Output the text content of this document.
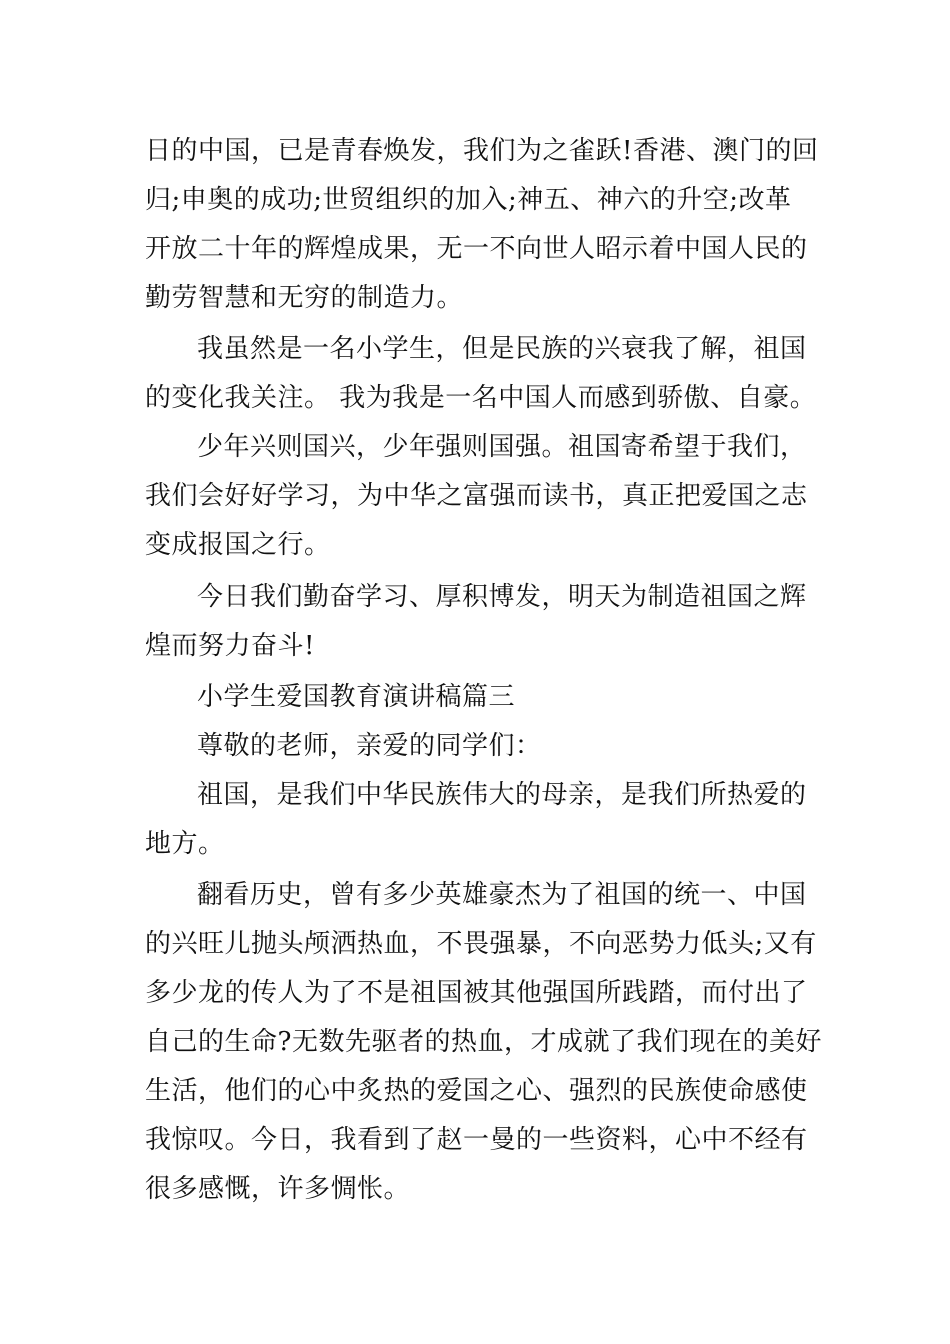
日的中国，已是青春焕发，我们为之雀跃!香港、澳门的回
归;申奥的成功;世贸组织的加入;神五、神六的升空;改革
开放二十年的辉煌成果，无一不向世人昭示着中国人民的
勤劳智慧和无穷的制造力。
我虽然是一名小学生，但是民族的兴衰我了解，祖国
的变化我关注。 我为我是一名中国人而感到骄傲、自豪。
少年兴则国兴，少年强则国强。祖国寄希望于我们，
我们会好好学习，为中华之富强而读书，真正把爱国之志
变成报国之行。
今日我们勤奋学习、厚积博发，明天为制造祖国之辉
煌而努力奋斗!
小学生爱国教育演讲稿篇三
尊敬的老师，亲爱的同学们：
祖国，是我们中华民族伟大的母亲，是我们所热爱的
地方。
翻看历史，曾有多少英雄豪杰为了祖国的统一、中国
的兴旺儿抛头颅洒热血，不畏强暴，不向恶势力低头;又有
多少龙的传人为了不是祖国被其他强国所践踏，而付出了
自己的生命?无数先驱者的热血，才成就了我们现在的美好
生活，他们的心中炙热的爱国之心、强烈的民族使命感使
我惊叹。今日，我看到了赵一曼的一些资料，心中不经有
很多感慨，许多惆怅。
